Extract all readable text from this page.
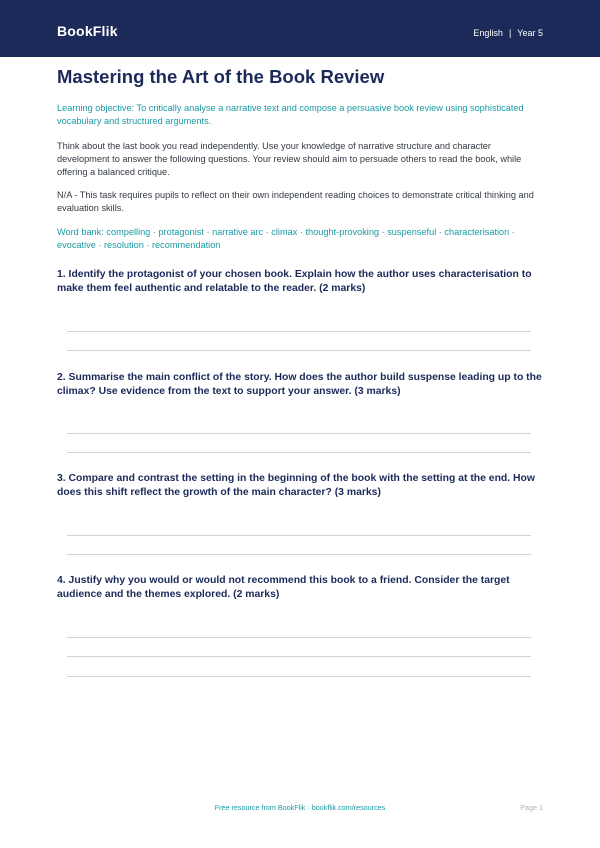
BookFlik	English | Year 5
Mastering the Art of the Book Review

Learning objective: To critically analyse a narrative text and compose a persuasive book review using sophisticated vocabulary and structured arguments.

Think about the last book you read independently. Use your knowledge of narrative structure and character development to answer the following questions. Your review should aim to persuade others to read the book, while offering a balanced critique.

N/A - This task requires pupils to reflect on their own independent reading choices to demonstrate critical thinking and evaluation skills.

Word bank: compelling · protagonist · narrative arc · climax · thought-provoking · suspenseful · characterisation · evocative · resolution · recommendation

1. Identify the protagonist of your chosen book. Explain how the author uses characterisation to make them feel authentic and relatable to the reader. (2 marks)
2. Summarise the main conflict of the story. How does the author build suspense leading up to the climax? Use evidence from the text to support your answer. (3 marks)
3. Compare and contrast the setting in the beginning of the book with the setting at the end. How does this shift reflect the growth of the main character? (3 marks)
4. Justify why you would or would not recommend this book to a friend. Consider the target audience and the themes explored. (2 marks)
Free resource from BookFlik · bookflik.com/resources	Page 1
